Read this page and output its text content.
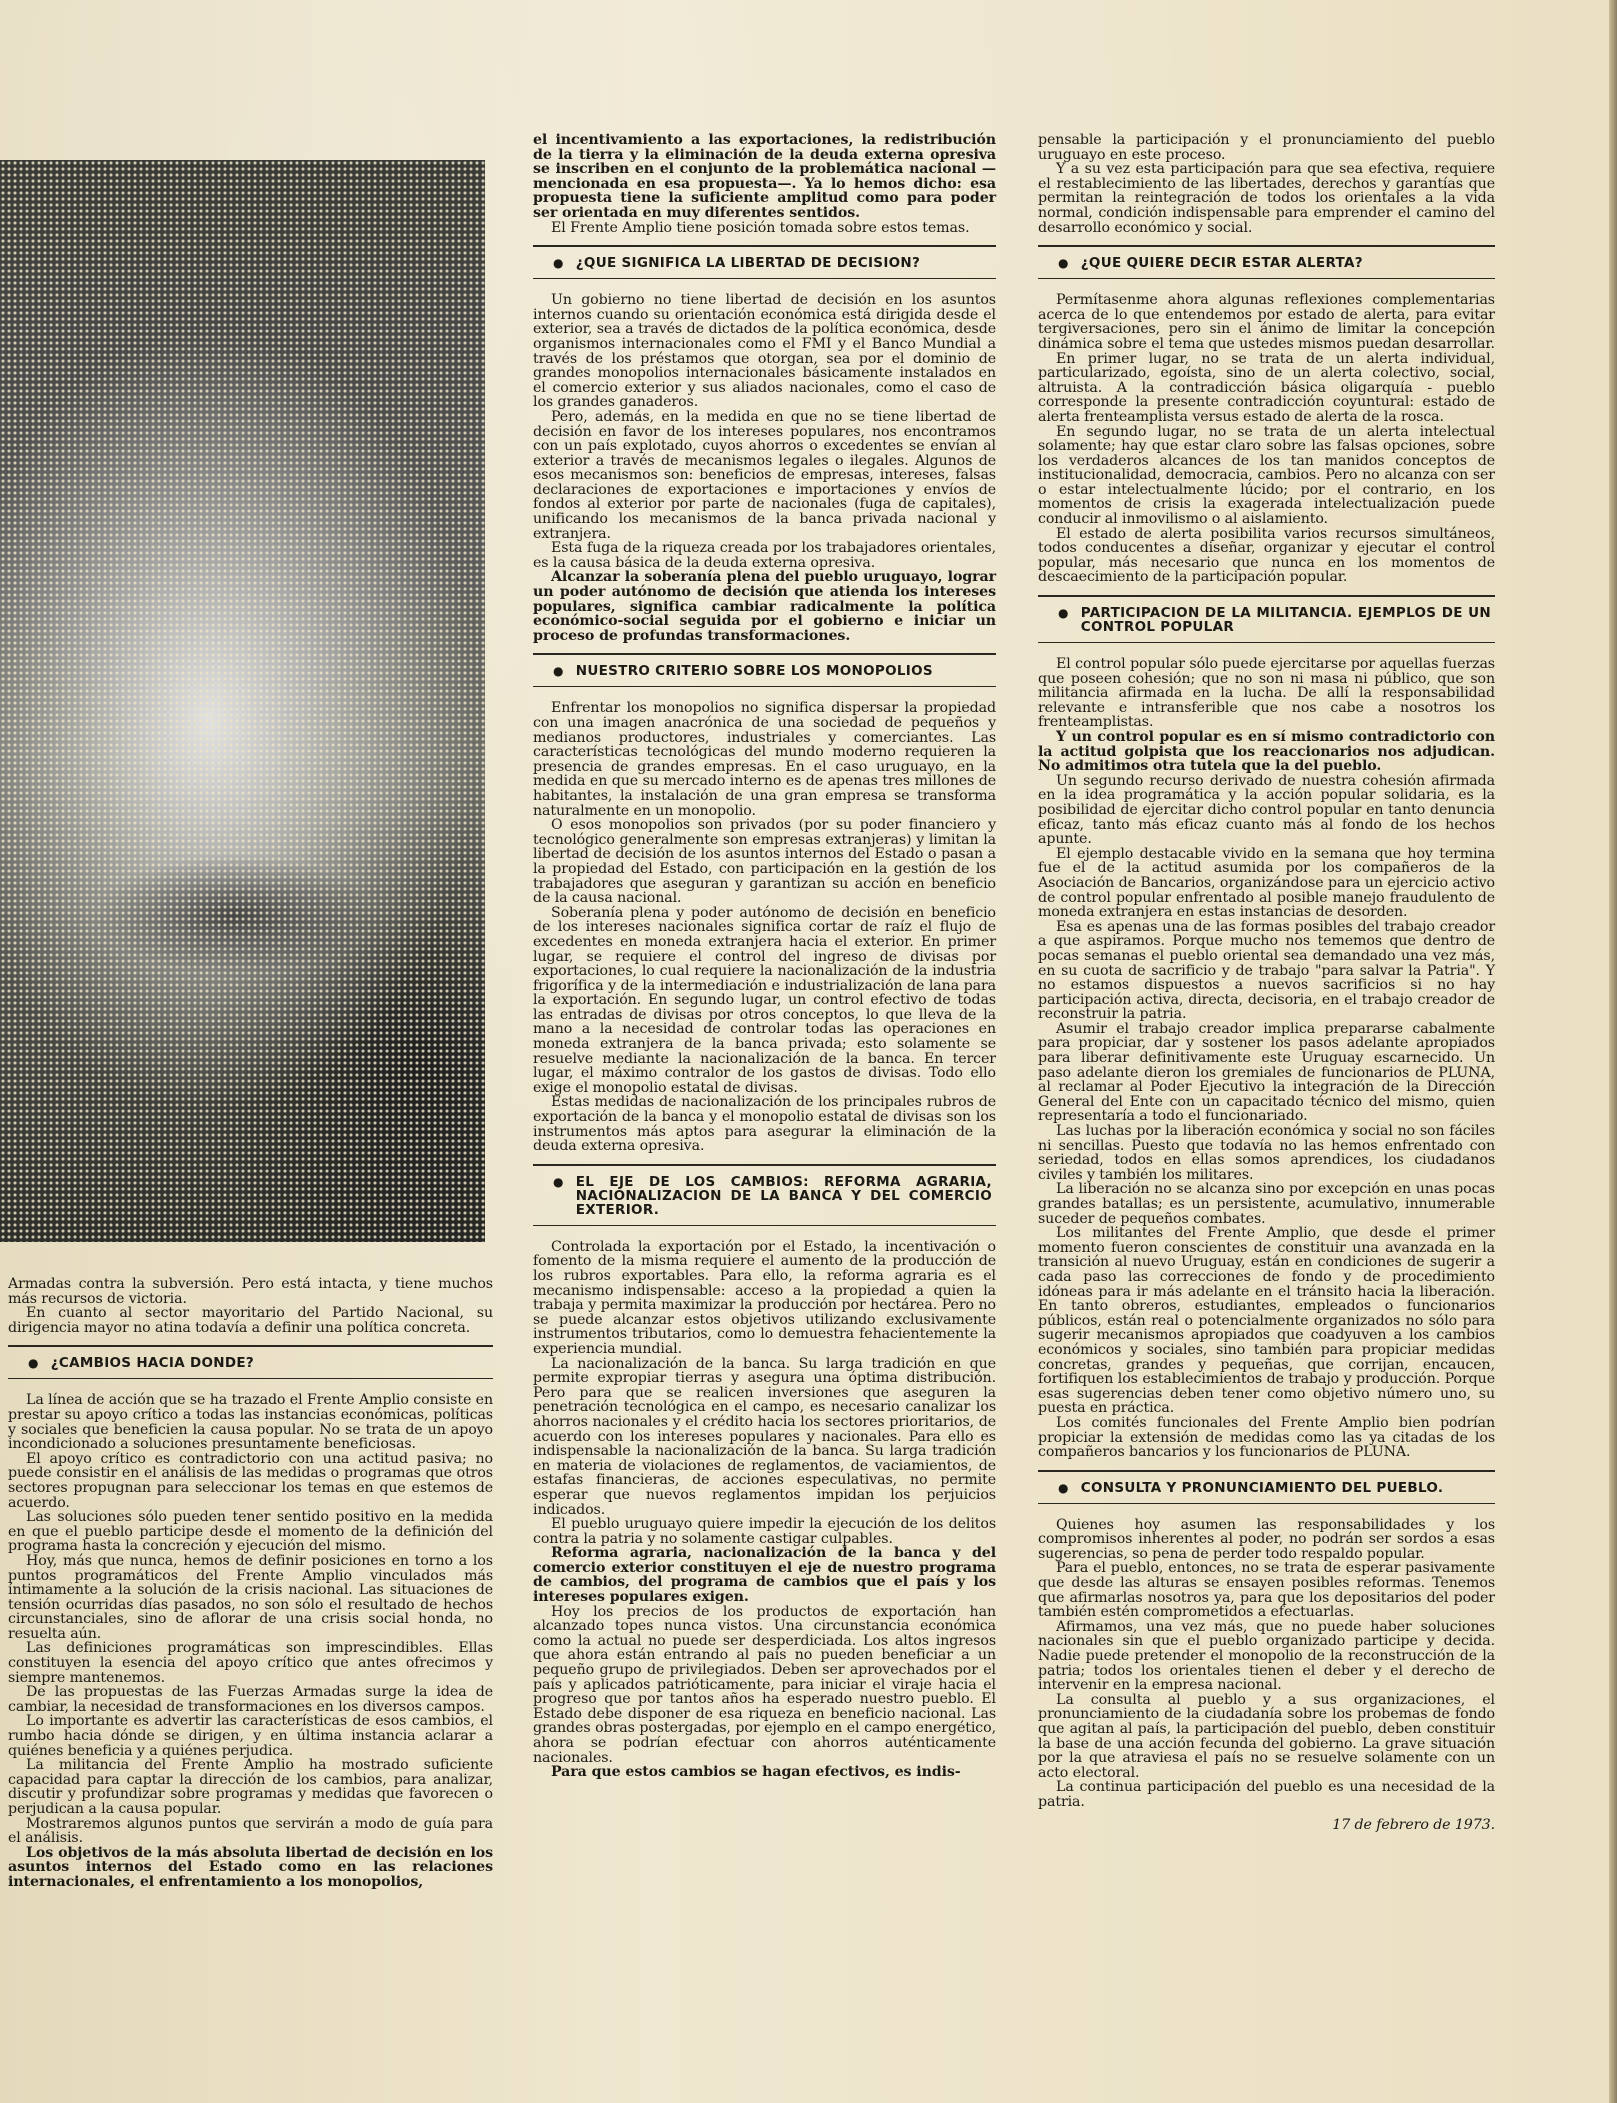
Armadas contra la subversión. Pero está intacta, y tiene muchos más recursos de victoria.

En cuanto al sector mayoritario del Partido Nacional, su dirigencia mayor no atina todavía a definir una política concreta.

●
¿CAMBIOS HACIA DONDE?

La línea de acción que se ha trazado el Frente Amplio consiste en prestar su apoyo crítico a todas las instancias económicas, políticas y sociales que beneficien la causa popular. No se trata de un apoyo incondicionado a soluciones presuntamente beneficiosas.

El apoyo crítico es contradictorio con una actitud pasiva; no puede consistir en el análisis de las medidas o programas que otros sectores propugnan para seleccionar los temas en que estemos de acuerdo.

Las soluciones sólo pueden tener sentido positivo en la medida en que el pueblo participe desde el momento de la definición del programa hasta la concreción y ejecución del mismo.

Hoy, más que nunca, hemos de definir posiciones en torno a los puntos programáticos del Frente Amplio vinculados más íntimamente a la solución de la crisis nacional. Las situaciones de tensión ocurridas días pasados, no son sólo el resultado de hechos circunstanciales, sino de aflorar de una crisis social honda, no resuelta aún.

Las definiciones programáticas son imprescindibles. Ellas constituyen la esencia del apoyo crítico que antes ofrecimos y siempre mantenemos.

De las propuestas de las Fuerzas Armadas surge la idea de cambiar, la necesidad de transformaciones en los diversos campos.

Lo importante es advertir las características de esos cambios, el rumbo hacia dónde se dirigen, y en última instancia aclarar a quiénes beneficia y a quiénes perjudica.

La militancia del Frente Amplio ha mostrado suficiente capacidad para captar la dirección de los cambios, para analizar, discutir y profundizar sobre programas y medidas que favorecen o perjudican a la causa popular.

Mostraremos algunos puntos que servirán a modo de guía para el análisis.

Los objetivos de la más absoluta libertad de decisión en los asuntos internos del Estado como en las relaciones internacionales, el enfrentamiento a los monopolios,

el incentivamiento a las exportaciones, la redistribución de la tierra y la eliminación de la deuda externa opresiva se inscriben en el conjunto de la problemática nacional —mencionada en esa propuesta—. Ya lo hemos dicho: esa propuesta tiene la suficiente amplitud como para poder ser orientada en muy diferentes sentidos.

El Frente Amplio tiene posición tomada sobre estos temas.

●
¿QUE SIGNIFICA LA LIBERTAD DE DECISION?

Un gobierno no tiene libertad de decisión en los asuntos internos cuando su orientación económica está dirigida desde el exterior, sea a través de dictados de la política económica, desde organismos internacionales como el FMI y el Banco Mundial a través de los préstamos que otorgan, sea por el dominio de grandes monopolios internacionales básicamente instalados en el comercio exterior y sus aliados nacionales, como el caso de los grandes ganaderos.

Pero, además, en la medida en que no se tiene libertad de decisión en favor de los intereses populares, nos encontramos con un país explotado, cuyos ahorros o excedentes se envían al exterior a través de mecanismos legales o ilegales. Algunos de esos mecanismos son: beneficios de empresas, intereses, falsas declaraciones de exportaciones e importaciones y envíos de fondos al exterior por parte de nacionales (fuga de capitales), unificando los mecanismos de la banca privada nacional y extranjera.

Esta fuga de la riqueza creada por los trabajadores orientales, es la causa básica de la deuda externa opresiva.

Alcanzar la soberanía plena del pueblo uruguayo, lograr un poder autónomo de decisión que atienda los intereses populares, significa cambiar radicalmente la política económico-social seguida por el gobierno e iniciar un proceso de profundas transformaciones.

●
NUESTRO CRITERIO SOBRE LOS MONOPOLIOS

Enfrentar los monopolios no significa dispersar la propiedad con una imagen anacrónica de una sociedad de pequeños y medianos productores, industriales y comerciantes. Las características tecnológicas del mundo moderno requieren la presencia de grandes empresas. En el caso uruguayo, en la medida en que su mercado interno es de apenas tres millones de habitantes, la instalación de una gran empresa se transforma naturalmente en un monopolio.

O esos monopolios son privados (por su poder financiero y tecnológico generalmente son empresas extranjeras) y limitan la libertad de decisión de los asuntos internos del Estado o pasan a la propiedad del Estado, con participación en la gestión de los trabajadores que aseguran y garantizan su acción en beneficio de la causa nacional.

Soberanía plena y poder autónomo de decisión en beneficio de los intereses nacionales significa cortar de raíz el flujo de excedentes en moneda extranjera hacia el exterior. En primer lugar, se requiere el control del ingreso de divisas por exportaciones, lo cual requiere la nacionalización de la industria frigorífica y de la intermediación e industrialización de lana para la exportación. En segundo lugar, un control efectivo de todas las entradas de divisas por otros conceptos, lo que lleva de la mano a la necesidad de controlar todas las operaciones en moneda extranjera de la banca privada; esto solamente se resuelve mediante la nacionalización de la banca. En tercer lugar, el máximo contralor de los gastos de divisas. Todo ello exige el monopolio estatal de divisas.

Estas medidas de nacionalización de los principales rubros de exportación de la banca y el monopolio estatal de divisas son los instrumentos más aptos para asegurar la eliminación de la deuda externa opresiva.

●
EL EJE DE LOS CAMBIOS: REFORMA AGRARIA, NACIONALIZACION DE LA BANCA Y DEL COMERCIO EXTERIOR.

Controlada la exportación por el Estado, la incentivación o fomento de la misma requiere el aumento de la producción de los rubros exportables. Para ello, la reforma agraria es el mecanismo indispensable: acceso a la propiedad a quien la trabaja y permita maximizar la producción por hectárea. Pero no se puede alcanzar estos objetivos utilizando exclusivamente instrumentos tributarios, como lo demuestra fehacientemente la experiencia mundial.

La nacionalización de la banca. Su larga tradición en que permite expropiar tierras y asegura una óptima distribución. Pero para que se realicen inversiones que aseguren la penetración tecnológica en el campo, es necesario canalizar los ahorros nacionales y el crédito hacia los sectores prioritarios, de acuerdo con los intereses populares y nacionales. Para ello es indispensable la nacionalización de la banca. Su larga tradición en materia de violaciones de reglamentos, de vaciamientos, de estafas financieras, de acciones especulativas, no permite esperar que nuevos reglamentos impidan los perjuicios indicados.

El pueblo uruguayo quiere impedir la ejecución de los delitos contra la patria y no solamente castigar culpables.

Reforma agraria, nacionalización de la banca y del comercio exterior constituyen el eje de nuestro programa de cambios, del programa de cambios que el país y los intereses populares exigen.

Hoy los precios de los productos de exportación han alcanzado topes nunca vistos. Una circunstancia económica como la actual no puede ser desperdiciada. Los altos ingresos que ahora están entrando al país no pueden beneficiar a un pequeño grupo de privilegiados. Deben ser aprovechados por el país y aplicados patrióticamente, para iniciar el viraje hacia el progreso que por tantos años ha esperado nuestro pueblo. El Estado debe disponer de esa riqueza en beneficio nacional. Las grandes obras postergadas, por ejemplo en el campo energético, ahora se podrían efectuar con ahorros auténticamente nacionales.

Para que estos cambios se hagan efectivos, es indis-

pensable la participación y el pronunciamiento del pueblo uruguayo en este proceso.

Y a su vez esta participación para que sea efectiva, requiere el restablecimiento de las libertades, derechos y garantías que permitan la reintegración de todos los orientales a la vida normal, condición indispensable para emprender el camino del desarrollo económico y social.

●
¿QUE QUIERE DECIR ESTAR ALERTA?

Permítasenme ahora algunas reflexiones complementarias acerca de lo que entendemos por estado de alerta, para evitar tergiversaciones, pero sin el ánimo de limitar la concepción dinámica sobre el tema que ustedes mismos puedan desarrollar.

En primer lugar, no se trata de un alerta individual, particularizado, egoísta, sino de un alerta colectivo, social, altruista. A la contradicción básica oligarquía - pueblo corresponde la presente contradicción coyuntural: estado de alerta frenteamplista versus estado de alerta de la rosca.

En segundo lugar, no se trata de un alerta intelectual solamente; hay que estar claro sobre las falsas opciones, sobre los verdaderos alcances de los tan manidos conceptos de institucionalidad, democracia, cambios. Pero no alcanza con ser o estar intelectualmente lúcido; por el contrario, en los momentos de crisis la exagerada intelectualización puede conducir al inmovilismo o al aislamiento.

El estado de alerta posibilita varios recursos simultáneos, todos conducentes a diseñar, organizar y ejecutar el control popular, más necesario que nunca en los momentos de descaecimiento de la participación popular.

●
PARTICIPACION DE LA MILITANCIA. EJEMPLOS DE UN CONTROL POPULAR

El control popular sólo puede ejercitarse por aquellas fuerzas que poseen cohesión; que no son ni masa ni público, que son militancia afirmada en la lucha. De allí la responsabilidad relevante e intransferible que nos cabe a nosotros los frenteamplistas.

Y un control popular es en sí mismo contradictorio con la actitud golpista que los reaccionarios nos adjudican. No admitimos otra tutela que la del pueblo.

Un segundo recurso derivado de nuestra cohesión afirmada en la idea programática y la acción popular solidaria, es la posibilidad de ejercitar dicho control popular en tanto denuncia eficaz, tanto más eficaz cuanto más al fondo de los hechos apunte.

El ejemplo destacable vivido en la semana que hoy termina fue el de la actitud asumida por los compañeros de la Asociación de Bancarios, organizándose para un ejercicio activo de control popular enfrentado al posible manejo fraudulento de moneda extranjera en estas instancias de desorden.

Esa es apenas una de las formas posibles del trabajo creador a que aspiramos. Porque mucho nos tememos que dentro de pocas semanas el pueblo oriental sea demandado una vez más, en su cuota de sacrificio y de trabajo "para salvar la Patria". Y no estamos dispuestos a nuevos sacrificios si no hay participación activa, directa, decisoria, en el trabajo creador de reconstruir la patria.

Asumir el trabajo creador implica prepararse cabalmente para propiciar, dar y sostener los pasos adelante apropiados para liberar definitivamente este Uruguay escarnecido. Un paso adelante dieron los gremiales de funcionarios de PLUNA, al reclamar al Poder Ejecutivo la integración de la Dirección General del Ente con un capacitado técnico del mismo, quien representaría a todo el funcionariado.

Las luchas por la liberación económica y social no son fáciles ni sencillas. Puesto que todavía no las hemos enfrentado con seriedad, todos en ellas somos aprendices, los ciudadanos civiles y también los militares.

La liberación no se alcanza sino por excepción en unas pocas grandes batallas; es un persistente, acumulativo, innumerable suceder de pequeños combates.

Los militantes del Frente Amplio, que desde el primer momento fueron conscientes de constituir una avanzada en la transición al nuevo Uruguay, están en condiciones de sugerir a cada paso las correcciones de fondo y de procedimiento idóneas para ir más adelante en el tránsito hacia la liberación. En tanto obreros, estudiantes, empleados o funcionarios públicos, están real o potencialmente organizados no sólo para sugerir mecanismos apropiados que coadyuven a los cambios económicos y sociales, sino también para propiciar medidas concretas, grandes y pequeñas, que corrijan, encaucen, fortifiquen los establecimientos de trabajo y producción. Porque esas sugerencias deben tener como objetivo número uno, su puesta en práctica.

Los comités funcionales del Frente Amplio bien podrían propiciar la extensión de medidas como las ya citadas de los compañeros bancarios y los funcionarios de PLUNA.

●
CONSULTA Y PRONUNCIAMIENTO DEL PUEBLO.

Quienes hoy asumen las responsabilidades y los compromisos inherentes al poder, no podrán ser sordos a esas sugerencias, so pena de perder todo respaldo popular.

Para el pueblo, entonces, no se trata de esperar pasivamente que desde las alturas se ensayen posibles reformas. Tenemos que afirmarlas nosotros ya, para que los depositarios del poder también estén comprometidos a efectuarlas.

Afirmamos, una vez más, que no puede haber soluciones nacionales sin que el pueblo organizado participe y decida. Nadie puede pretender el monopolio de la reconstrucción de la patria; todos los orientales tienen el deber y el derecho de intervenir en la empresa nacional.

La consulta al pueblo y a sus organizaciones, el pronunciamiento de la ciudadanía sobre los probemas de fondo que agitan al país, la participación del pueblo, deben constituir la base de una acción fecunda del gobierno. La grave situación por la que atraviesa el país no se resuelve solamente con un acto electoral.

La continua participación del pueblo es una necesidad de la patria.

17 de febrero de 1973.
